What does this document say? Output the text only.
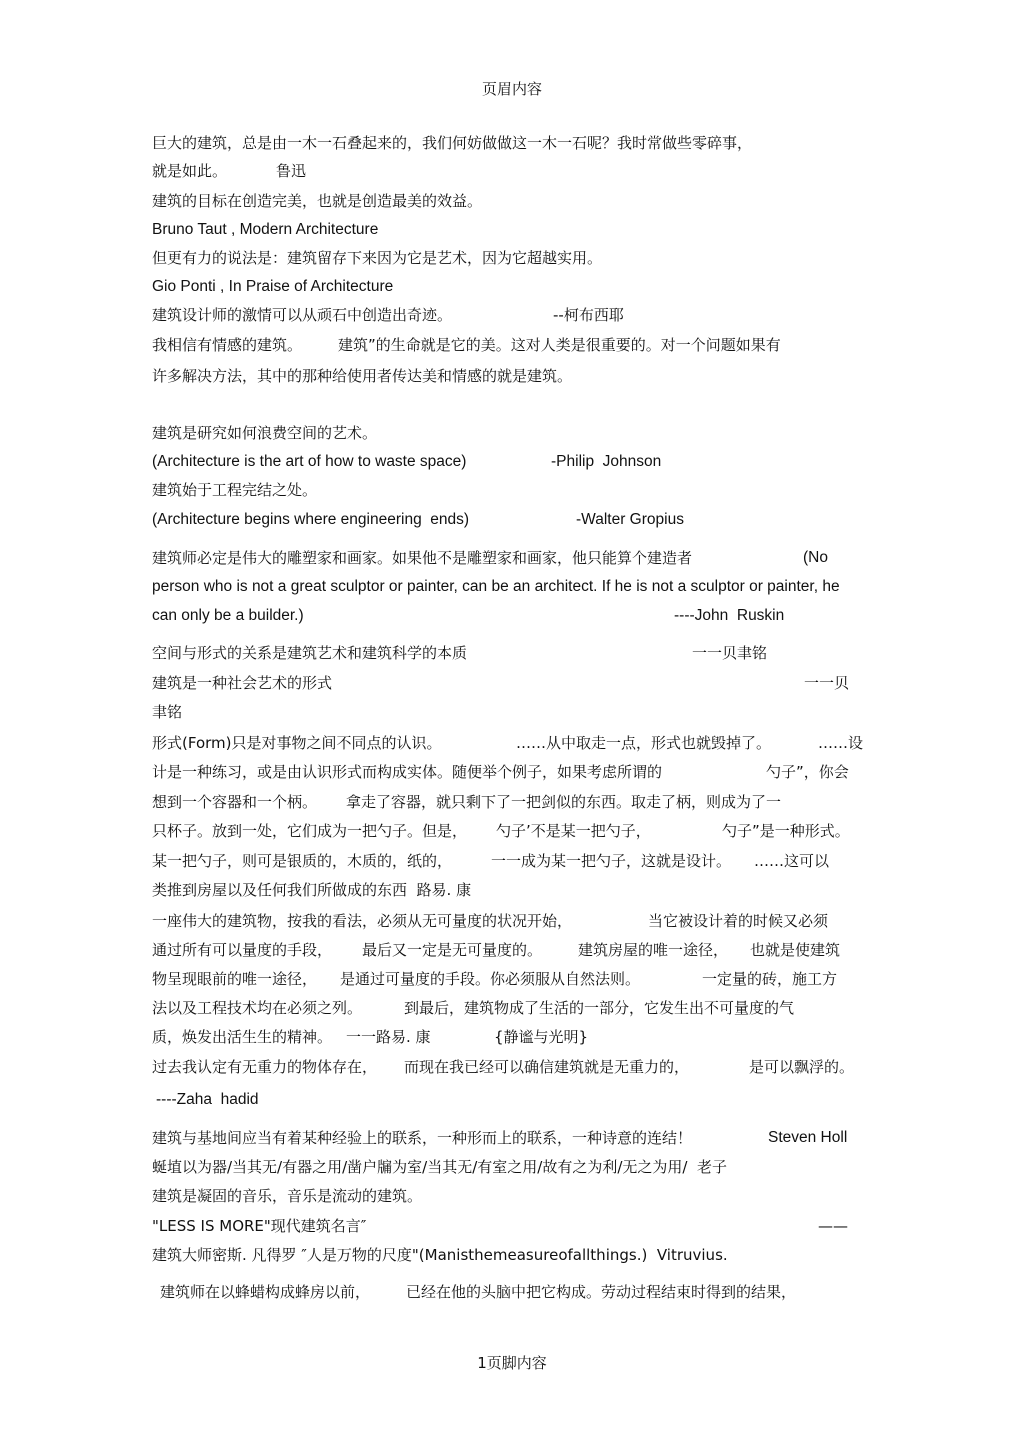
页眉内容
巨大的建筑，总是由一木一石叠起来的，我们何妨做做这一木一石呢？我时常做些零碎事，
就是如此。	鲁迅
建筑的目标在创造完美，也就是创造最美的效益。
Bruno Taut , Modern Architecture
但更有力的说法是：建筑留存下来因为它是艺术，因为它超越实用。
Gio Ponti , In Praise of Architecture
建筑设计师的激情可以从顽石中创造出奇迹。	--柯布西耶
我相信有情感的建筑。 建筑”的生命就是它的美。这对人类是很重要的。对一个问题如果有
许多解决方法，其中的那种给使用者传达美和情感的就是建筑。
建筑是研究如何浪费空间的艺术。
(Architecture is the art of how to waste space)	-Philip  Johnson
建筑始于工程完结之处。
(Architecture begins where engineering  ends)	-Walter Gropius
建筑师必定是伟大的雕塑家和画家。如果他不是雕塑家和画家，他只能算个建造者	(No
person who is not a great sculptor or painter, can be an architect. If he is not a sculptor or painter, he
can only be a builder.)	----John  Ruskin
空间与形式的关系是建筑艺术和建筑科学的本质	一一贝聿铭
建筑是一种社会艺术的形式	一一贝
聿铭
形式(Form)只是对事物之间不同点的认识。	……从中取走一点，形式也就毁掉了。	……设
计是一种练习，或是由认识形式而构成实体。随便举个例子，如果考虑所谓的	勺子”，你会
想到一个容器和一个柄。 拿走了容器，就只剩下了一把剑似的东西。取走了柄，则成为了一
只杯子。放到一处，它们成为一把勺子。但是， 勺子’不是某一把勺子，	勺子”是一种形式。
某一把勺子，则可是银质的，木质的，纸的，	一一成为某一把勺子，这就是设计。 ……这可以
类推到房屋以及任何我们所做成的东西  路易. 康
一座伟大的建筑物，按我的看法，必须从无可量度的状况开始，	当它被设计着的时候又必须
通过所有可以量度的手段， 最后又一定是无可量度的。 建筑房屋的唯一途径， 也就是使建筑
物呈现眼前的唯一途径， 是通过可量度的手段。你必须服从自然法则。	一定量的砖，施工方
法以及工程技术均在必须之列。	到最后，建筑物成了生活的一部分，它发生出不可量度的气
质，焕发出活生生的精神。 一一路易. 康	{静谧与光明}
过去我认定有无重力的物体存在， 而现在我已经可以确信建筑就是无重力的，	是可以飘浮的。
----Zaha  hadid
建筑与基地间应当有着某种经验上的联系，一种形而上的联系，一种诗意的连结！	Steven Holl
蜒埴以为器/当其无/有器之用/凿户牖为室/当其无/有室之用/故有之为利/无之为用/  老子
建筑是凝固的音乐，音乐是流动的建筑。
"LESS IS MORE"现代建筑名言″	——
建筑大师密斯. 凡得罗 ″人是万物的尺度"(Manisthemeasureofallthings.)  Vitruvius.
建筑师在以蜂蜡构成蜂房以前， 已经在他的头脑中把它构成。劳动过程结束时得到的结果，
1页脚内容
